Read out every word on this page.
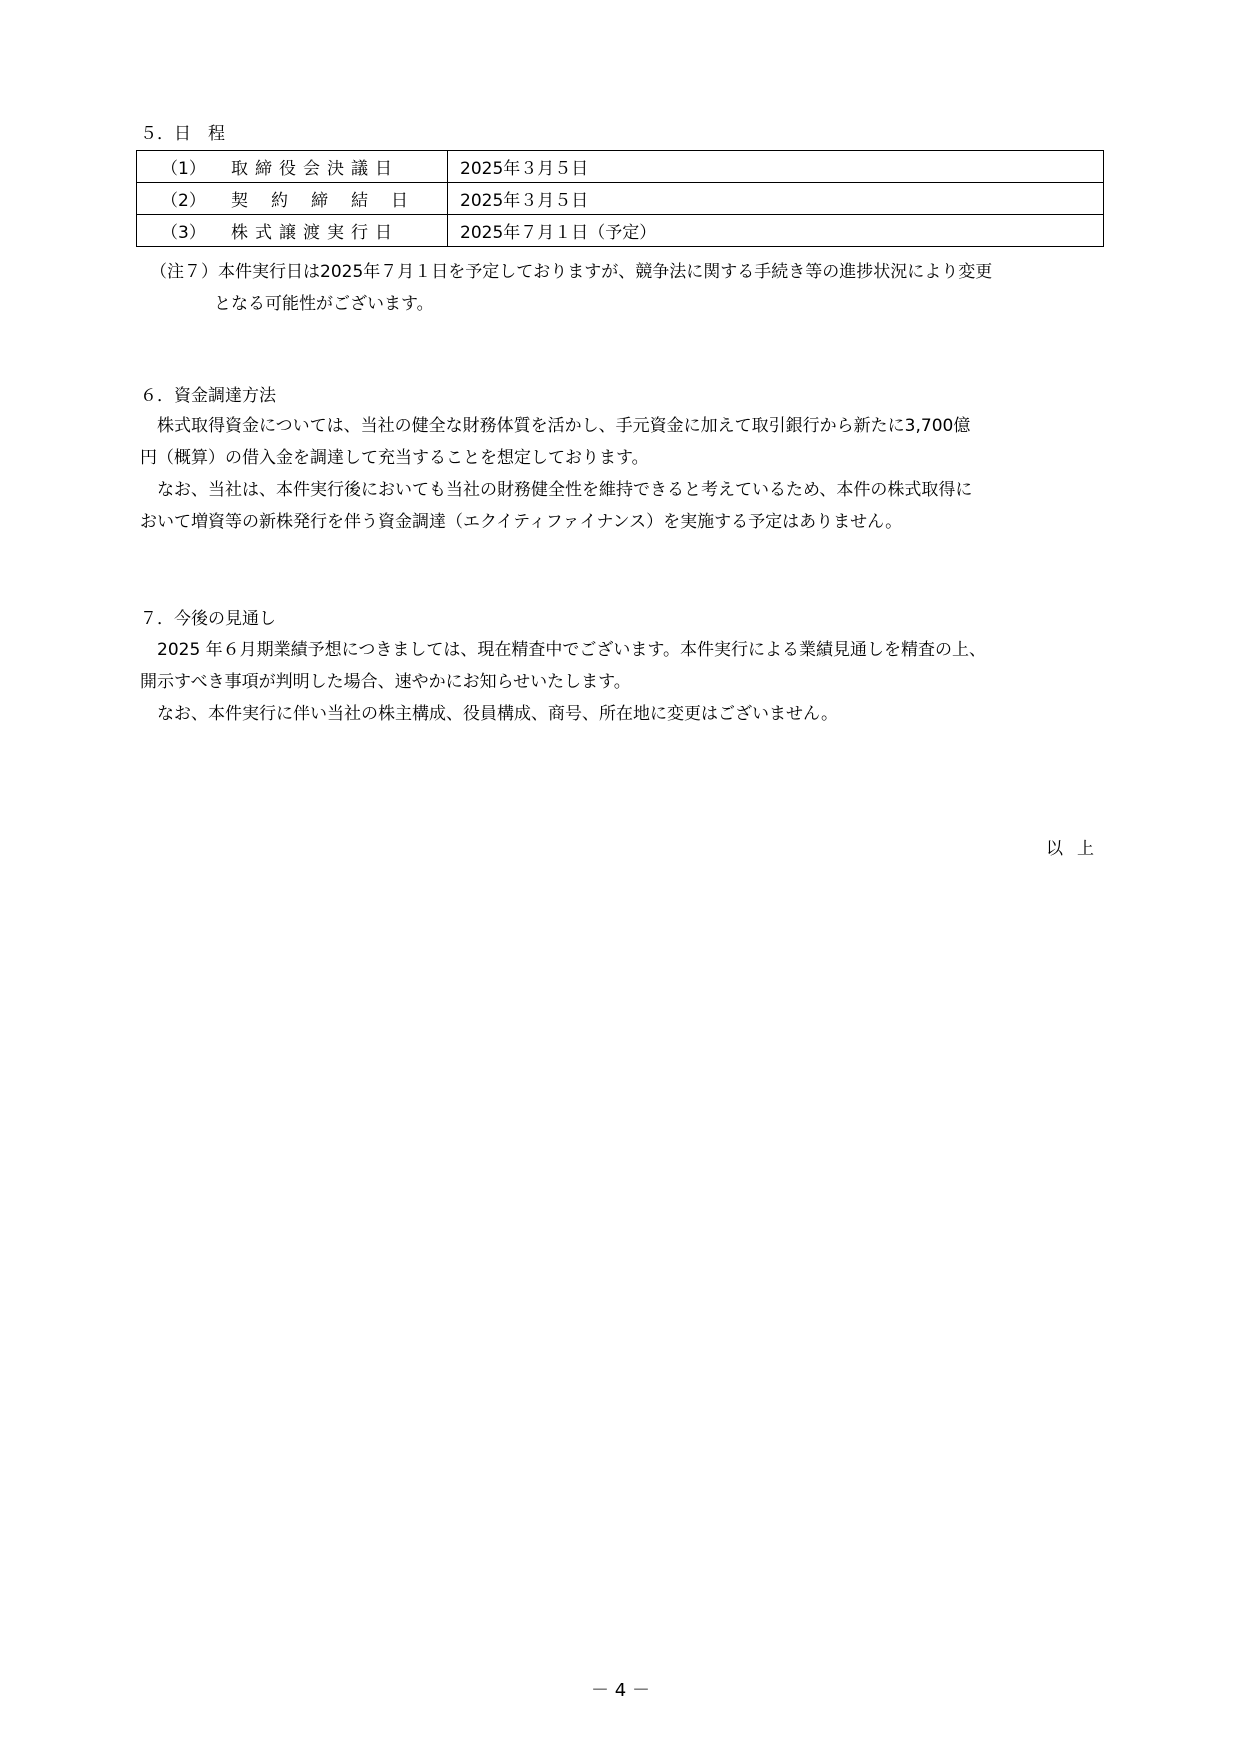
５．日　程
（1） 取締役会決議日	2025年３月５日
（2） 契　約　締　結　日	2025年３月５日
（3） 株式譲渡実行日	2025年７月１日（予定）
（注７）本件実行日は2025年７月１日を予定しておりますが、競争法に関する手続き等の進捗状況により変更
となる可能性がございます。
６．資金調達方法
　株式取得資金については、当社の健全な財務体質を活かし、手元資金に加えて取引銀行から新たに3,700億
円（概算）の借入金を調達して充当することを想定しております。
　なお、当社は、本件実行後においても当社の財務健全性を維持できると考えているため、本件の株式取得に
おいて増資等の新株発行を伴う資金調達（エクイティファイナンス）を実施する予定はありません。
７．今後の見通し
　2025 年６月期業績予想につきましては、現在精査中でございます。本件実行による業績見通しを精査の上、
開示すべき事項が判明した場合、速やかにお知らせいたします。
　なお、本件実行に伴い当社の株主構成、役員構成、商号、所在地に変更はございません。
以上
－ 4 －
